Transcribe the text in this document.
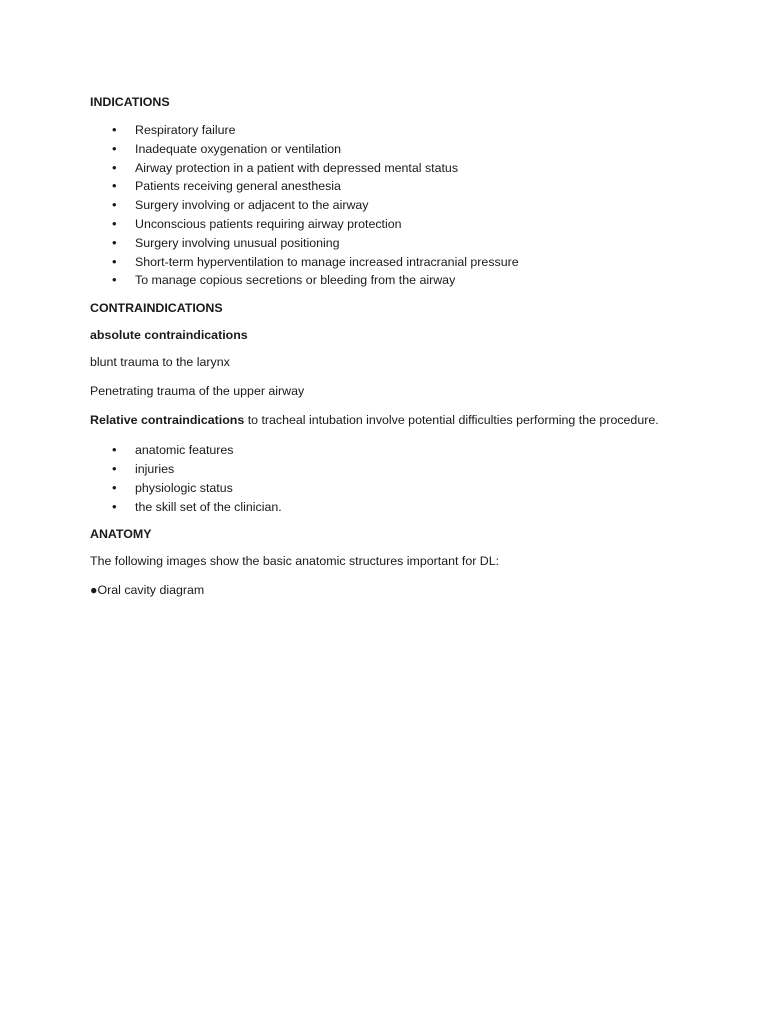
INDICATIONS
• Respiratory failure
• Inadequate oxygenation or ventilation
• Airway protection in a patient with depressed mental status
• Patients receiving general anesthesia
• Surgery involving or adjacent to the airway
• Unconscious patients requiring airway protection
• Surgery involving unusual positioning
• Short-term hyperventilation to manage increased intracranial pressure
• To manage copious secretions or bleeding from the airway
CONTRAINDICATIONS
absolute contraindications

blunt trauma to the larynx

Penetrating trauma of the upper airway

Relative contraindications to tracheal intubation involve potential difficulties performing the procedure.

• anatomic features
• injuries
• physiologic status
• the skill set of the clinician.
ANATOMY

The following images show the basic anatomic structures important for DL:

●Oral cavity diagram
